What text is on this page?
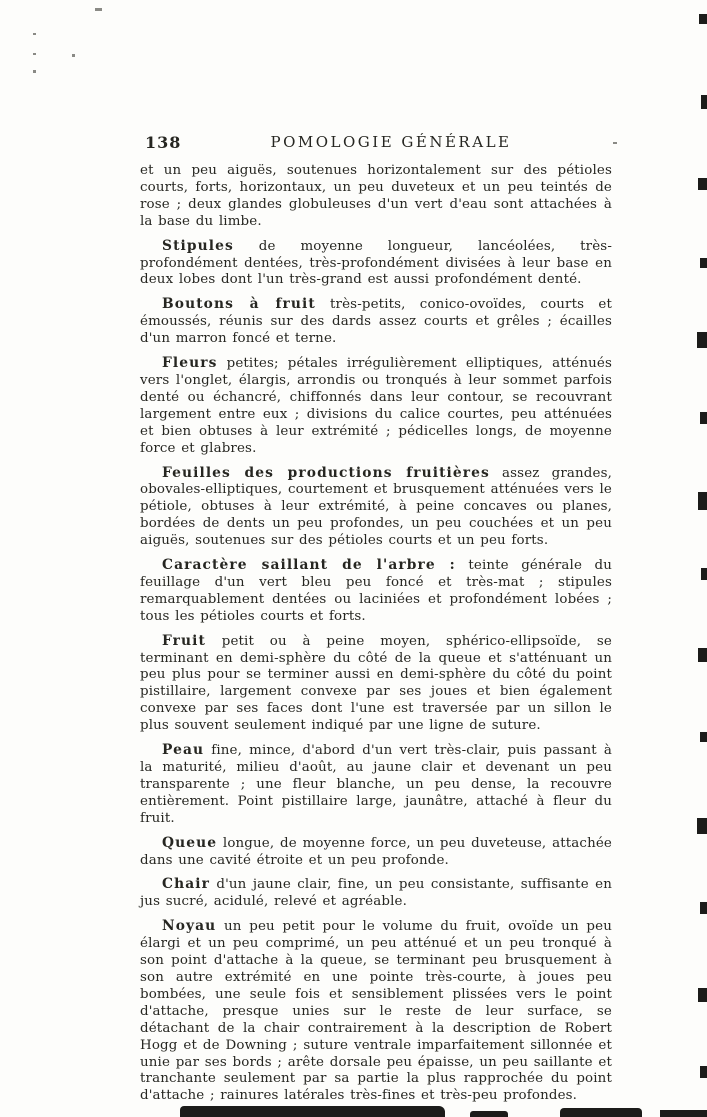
138	POMOLOGIE GÉNÉRALE

et un peu aiguës, soutenues horizontalement sur des pétioles courts, forts, horizontaux, un peu duveteux et un peu teintés de rose ; deux glandes globuleuses d'un vert d'eau sont attachées à la base du limbe.

Stipules de moyenne longueur, lancéolées, très-profondément dentées, très-profondément divisées à leur base en deux lobes dont l'un très-grand est aussi profondément denté.

Boutons à fruit très-petits, conico-ovoïdes, courts et émoussés, réunis sur des dards assez courts et grêles ; écailles d'un marron foncé et terne.

Fleurs petites; pétales irrégulièrement elliptiques, atténués vers l'onglet, élargis, arrondis ou tronqués à leur sommet parfois denté ou échancré, chiffonnés dans leur contour, se recouvrant largement entre eux ; divisions du calice courtes, peu atténuées et bien obtuses à leur extrémité ; pédicelles longs, de moyenne force et glabres.

Feuilles des productions fruitières assez grandes, obovales-elliptiques, courtement et brusquement atténuées vers le pétiole, obtuses à leur extrémité, à peine concaves ou planes, bordées de dents un peu profondes, un peu couchées et un peu aiguës, soutenues sur des pétioles courts et un peu forts.

Caractère saillant de l'arbre : teinte générale du feuillage d'un vert bleu peu foncé et très-mat ; stipules remarquablement dentées ou laciniées et profondément lobées ; tous les pétioles courts et forts.

Fruit petit ou à peine moyen, sphérico-ellipsoïde, se terminant en demi-sphère du côté de la queue et s'atténuant un peu plus pour se terminer aussi en demi-sphère du côté du point pistillaire, largement convexe par ses joues et bien également convexe par ses faces dont l'une est traversée par un sillon le plus souvent seulement indiqué par une ligne de suture.

Peau fine, mince, d'abord d'un vert très-clair, puis passant à la maturité, milieu d'août, au jaune clair et devenant un peu transparente ; une fleur blanche, un peu dense, la recouvre entièrement. Point pistillaire large, jaunâtre, attaché à fleur du fruit.

Queue longue, de moyenne force, un peu duveteuse, attachée dans une cavité étroite et un peu profonde.

Chair d'un jaune clair, fine, un peu consistante, suffisante en jus sucré, acidulé, relevé et agréable.

Noyau un peu petit pour le volume du fruit, ovoïde un peu élargi et un peu comprimé, un peu atténué et un peu tronqué à son point d'attache à la queue, se terminant peu brusquement à son autre extrémité en une pointe très-courte, à joues peu bombées, une seule fois et sensiblement plissées vers le point d'attache, presque unies sur le reste de leur surface, se détachant de la chair contrairement à la description de Robert Hogg et de Downing ; suture ventrale imparfaitement sillonnée et unie par ses bords ; arête dorsale peu épaisse, un peu saillante et tranchante seulement par sa partie la plus rapprochée du point d'attache ; rainures latérales très-fines et très-peu profondes.
